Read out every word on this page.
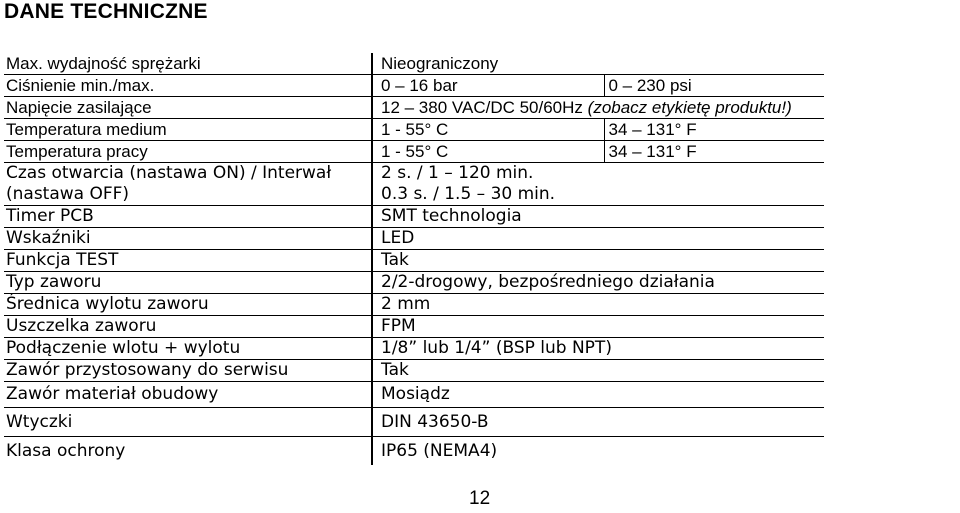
DANE TECHNICZNE
Max. wydajność sprężarki	Nieograniczony	
Ciśnienie min./max.	0 – 16 bar	0 – 230 psi
Napięcie zasilające	12 – 380 VAC/DC 50/60Hz (zobacz etykietę produktu!)	
Temperatura medium	1 - 55° C	34 – 131° F
Temperatura pracy	1 - 55° C	34 – 131° F
Czas otwarcia (nastawa ON) / Interwał	2 s. / 1 – 120 min.	
(nastawa OFF)	0.3 s. / 1.5 – 30 min.	
Timer PCB	SMT technologia	
Wskaźniki	LED	
Funkcja TEST	Tak	
Typ zaworu	2/2-drogowy, bezpośredniego działania	
Średnica wylotu zaworu	2 mm	
Uszczelka zaworu	FPM	
Podłączenie wlotu + wylotu	1/8” lub 1/4” (BSP lub NPT)	
Zawór przystosowany do serwisu	Tak	
Zawór materiał obudowy	Mosiądz	
Wtyczki	DIN 43650-B	
Klasa ochrony	IP65 (NEMA4)	
12
